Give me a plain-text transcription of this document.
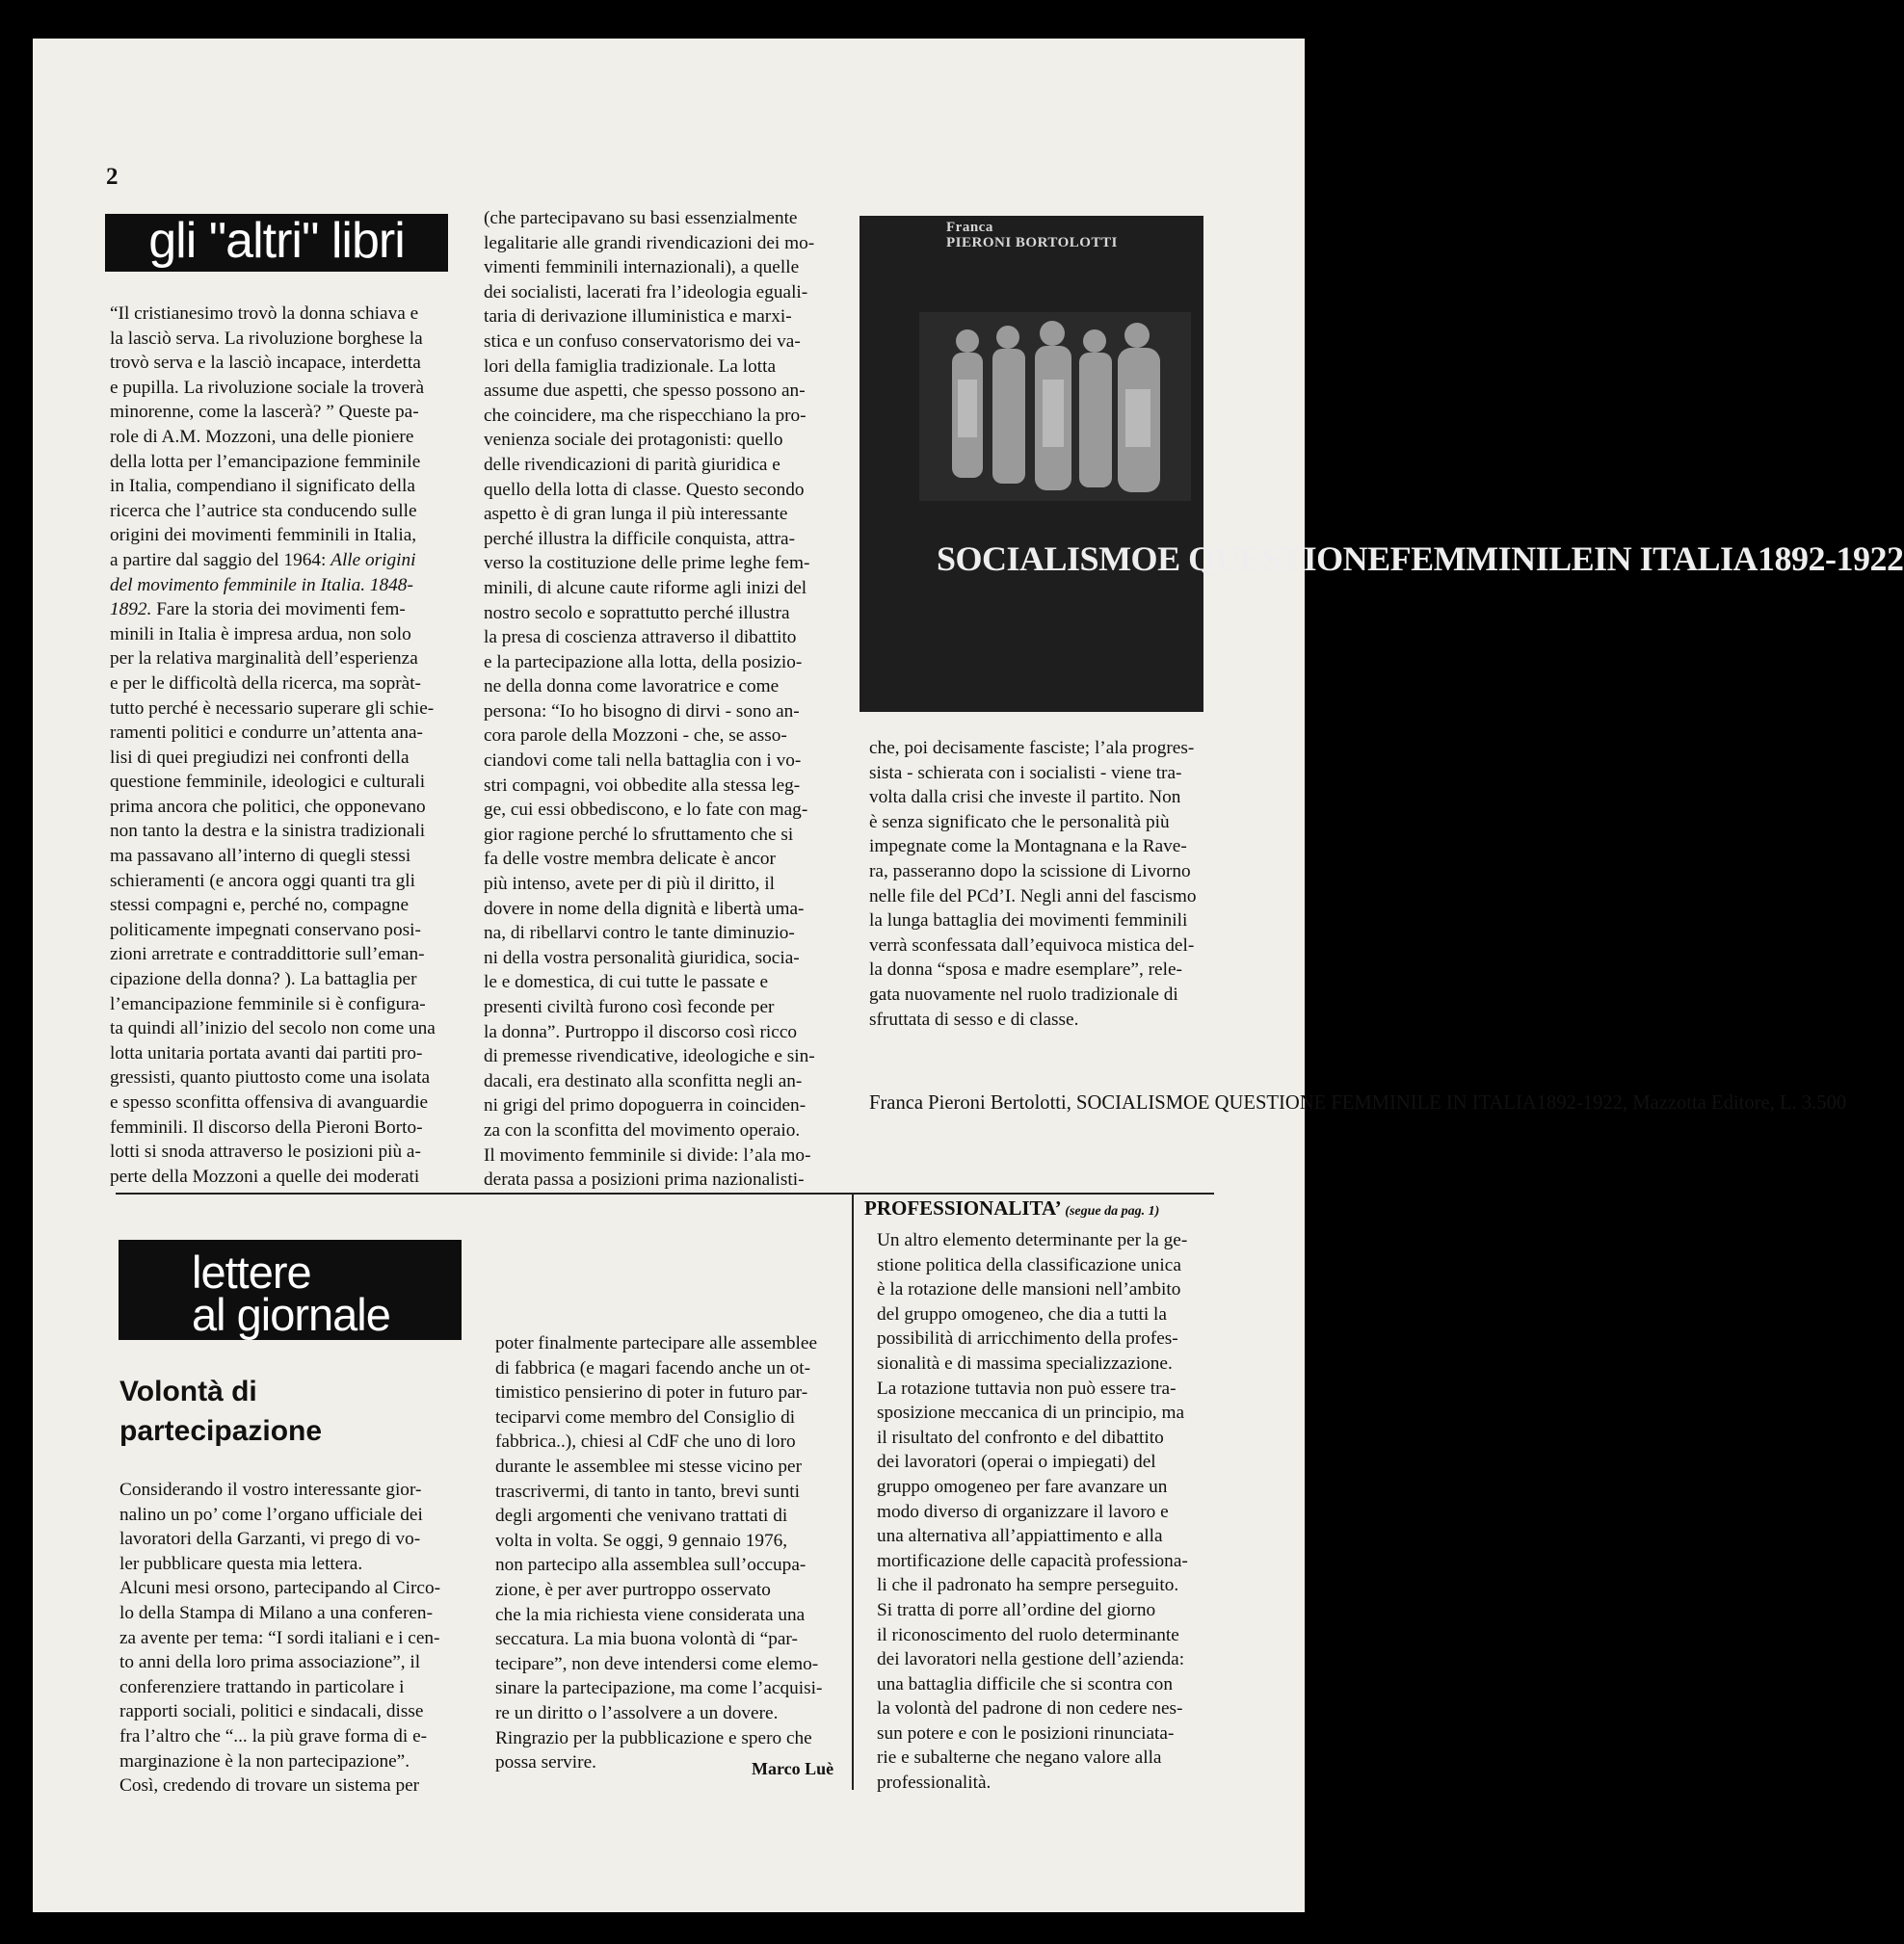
2
gli "altri" libri
“Il cristianesimo trovò la donna schiava e
la lasciò serva. La rivoluzione borghese la
trovò serva e la lasciò incapace, interdetta
e pupilla. La rivoluzione sociale la troverà
minorenne, come la lascerà? ” Queste pa-
role di A.M. Mozzoni, una delle pioniere
della lotta per l’emancipazione femminile
in Italia, compendiano il significato della
ricerca che l’autrice sta conducendo sulle
origini dei movimenti femminili in Italia,
a partire dal saggio del 1964: Alle origini
del movimento femminile in Italia. 1848-
1892. Fare la storia dei movimenti fem-
minili in Italia è impresa ardua, non solo
per la relativa marginalità dell’esperienza
e per le difficoltà della ricerca, ma sopràt-
tutto perché è necessario superare gli schie-
ramenti politici e condurre un’attenta ana-
lisi di quei pregiudizi nei confronti della
questione femminile, ideologici e culturali
prima ancora che politici, che opponevano
non tanto la destra e la sinistra tradizionali
ma passavano all’interno di quegli stessi
schieramenti (e ancora oggi quanti tra gli
stessi compagni e, perché no, compagne
politicamente impegnati conservano posi-
zioni arretrate e contraddittorie sull’eman-
cipazione della donna? ). La battaglia per
l’emancipazione femminile si è configura-
ta quindi all’inizio del secolo non come una
lotta unitaria portata avanti dai partiti pro-
gressisti, quanto piuttosto come una isolata
e spesso sconfitta offensiva di avanguardie
femminili. Il discorso della Pieroni Borto-
lotti si snoda attraverso le posizioni più a-
perte della Mozzoni a quelle dei moderati
(che partecipavano su basi essenzialmente
legalitarie alle grandi rivendicazioni dei mo-
vimenti femminili internazionali), a quelle
dei socialisti, lacerati fra l’ideologia eguali-
taria di derivazione illuministica e marxi-
stica e un confuso conservatorismo dei va-
lori della famiglia tradizionale. La lotta
assume due aspetti, che spesso possono an-
che coincidere, ma che rispecchiano la pro-
venienza sociale dei protagonisti: quello
delle rivendicazioni di parità giuridica e
quello della lotta di classe. Questo secondo
aspetto è di gran lunga il più interessante
perché illustra la difficile conquista, attra-
verso la costituzione delle prime leghe fem-
minili, di alcune caute riforme agli inizi del
nostro secolo e soprattutto perché illustra
la presa di coscienza attraverso il dibattito
e la partecipazione alla lotta, della posizio-
ne della donna come lavoratrice e come
persona: “Io ho bisogno di dirvi - sono an-
cora parole della Mozzoni - che, se asso-
ciandovi come tali nella battaglia con i vo-
stri compagni, voi obbedite alla stessa leg-
ge, cui essi obbediscono, e lo fate con mag-
gior ragione perché lo sfruttamento che si
fa delle vostre membra delicate è ancor
più intenso, avete per di più il diritto, il
dovere in nome della dignità e libertà uma-
na, di ribellarvi contro le tante diminuzio-
ni della vostra personalità giuridica, socia-
le e domestica, di cui tutte le passate e
presenti civiltà furono così feconde per
la donna”. Purtroppo il discorso così ricco
di premesse rivendicative, ideologiche e sin-
dacali, era destinato alla sconfitta negli an-
ni grigi del primo dopoguerra in coinciden-
za con la sconfitta del movimento operaio.
Il movimento femminile si divide: l’ala mo-
derata passa a posizioni prima nazionalisti-
Franca
PIERONI BORTOLOTTI
SOCIALISMOE QUESTIONEFEMMINILEIN ITALIA1892-1922
che, poi decisamente fasciste; l’ala progres-
sista - schierata con i socialisti - viene tra-
volta dalla crisi che investe il partito. Non
è senza significato che le personalità più
impegnate come la Montagnana e la Rave-
ra, passeranno dopo la scissione di Livorno
nelle file del PCd’I. Negli anni del fascismo
la lunga battaglia dei movimenti femminili
verrà sconfessata dall’equivoca mistica del-
la donna “sposa e madre esemplare”, rele-
gata nuovamente nel ruolo tradizionale di
sfruttata di sesso e di classe.
Franca Pieroni Bertolotti, SOCIALISMOE QUESTIONE FEMMINILE IN ITALIA1892-1922, Mazzotta Editore, L. 3.500
lettere
al giornale
Volontà di
partecipazione
Considerando il vostro interessante gior-
nalino un po’ come l’organo ufficiale dei
lavoratori della Garzanti, vi prego di vo-
ler pubblicare questa mia lettera.
Alcuni mesi orsono, partecipando al Circo-
lo della Stampa di Milano a una conferen-
za avente per tema: “I sordi italiani e i cen-
to anni della loro prima associazione”, il
conferenziere trattando in particolare i
rapporti sociali, politici e sindacali, disse
fra l’altro che “... la più grave forma di e-
marginazione è la non partecipazione”.
Così, credendo di trovare un sistema per
poter finalmente partecipare alle assemblee
di fabbrica (e magari facendo anche un ot-
timistico pensierino di poter in futuro par-
teciparvi come membro del Consiglio di
fabbrica..), chiesi al CdF che uno di loro
durante le assemblee mi stesse vicino per
trascrivermi, di tanto in tanto, brevi sunti
degli argomenti che venivano trattati di
volta in volta. Se oggi, 9 gennaio 1976,
non partecipo alla assemblea sull’occupa-
zione, è per aver purtroppo osservato
che la mia richiesta viene considerata una
seccatura. La mia buona volontà di “par-
tecipare”, non deve intendersi come elemo-
sinare la partecipazione, ma come l’acquisi-
re un diritto o l’assolvere a un dovere.
Ringrazio per la pubblicazione e spero che
possa servire.	Marco Luè
PROFESSIONALITA’ (segue da pag. 1)
Un altro elemento determinante per la ge-
stione politica della classificazione unica
è la rotazione delle mansioni nell’ambito
del gruppo omogeneo, che dia a tutti la
possibilità di arricchimento della profes-
sionalità e di massima specializzazione.
La rotazione tuttavia non può essere tra-
sposizione meccanica di un principio, ma
il risultato del confronto e del dibattito
dei lavoratori (operai o impiegati) del
gruppo omogeneo per fare avanzare un
modo diverso di organizzare il lavoro e
una alternativa all’appiattimento e alla
mortificazione delle capacità professiona-
li che il padronato ha sempre perseguito.
Si tratta di porre all’ordine del giorno
il riconoscimento del ruolo determinante
dei lavoratori nella gestione dell’azienda:
una battaglia difficile che si scontra con
la volontà del padrone di non cedere nes-
sun potere e con le posizioni rinunciata-
rie e subalterne che negano valore alla
professionalità.
